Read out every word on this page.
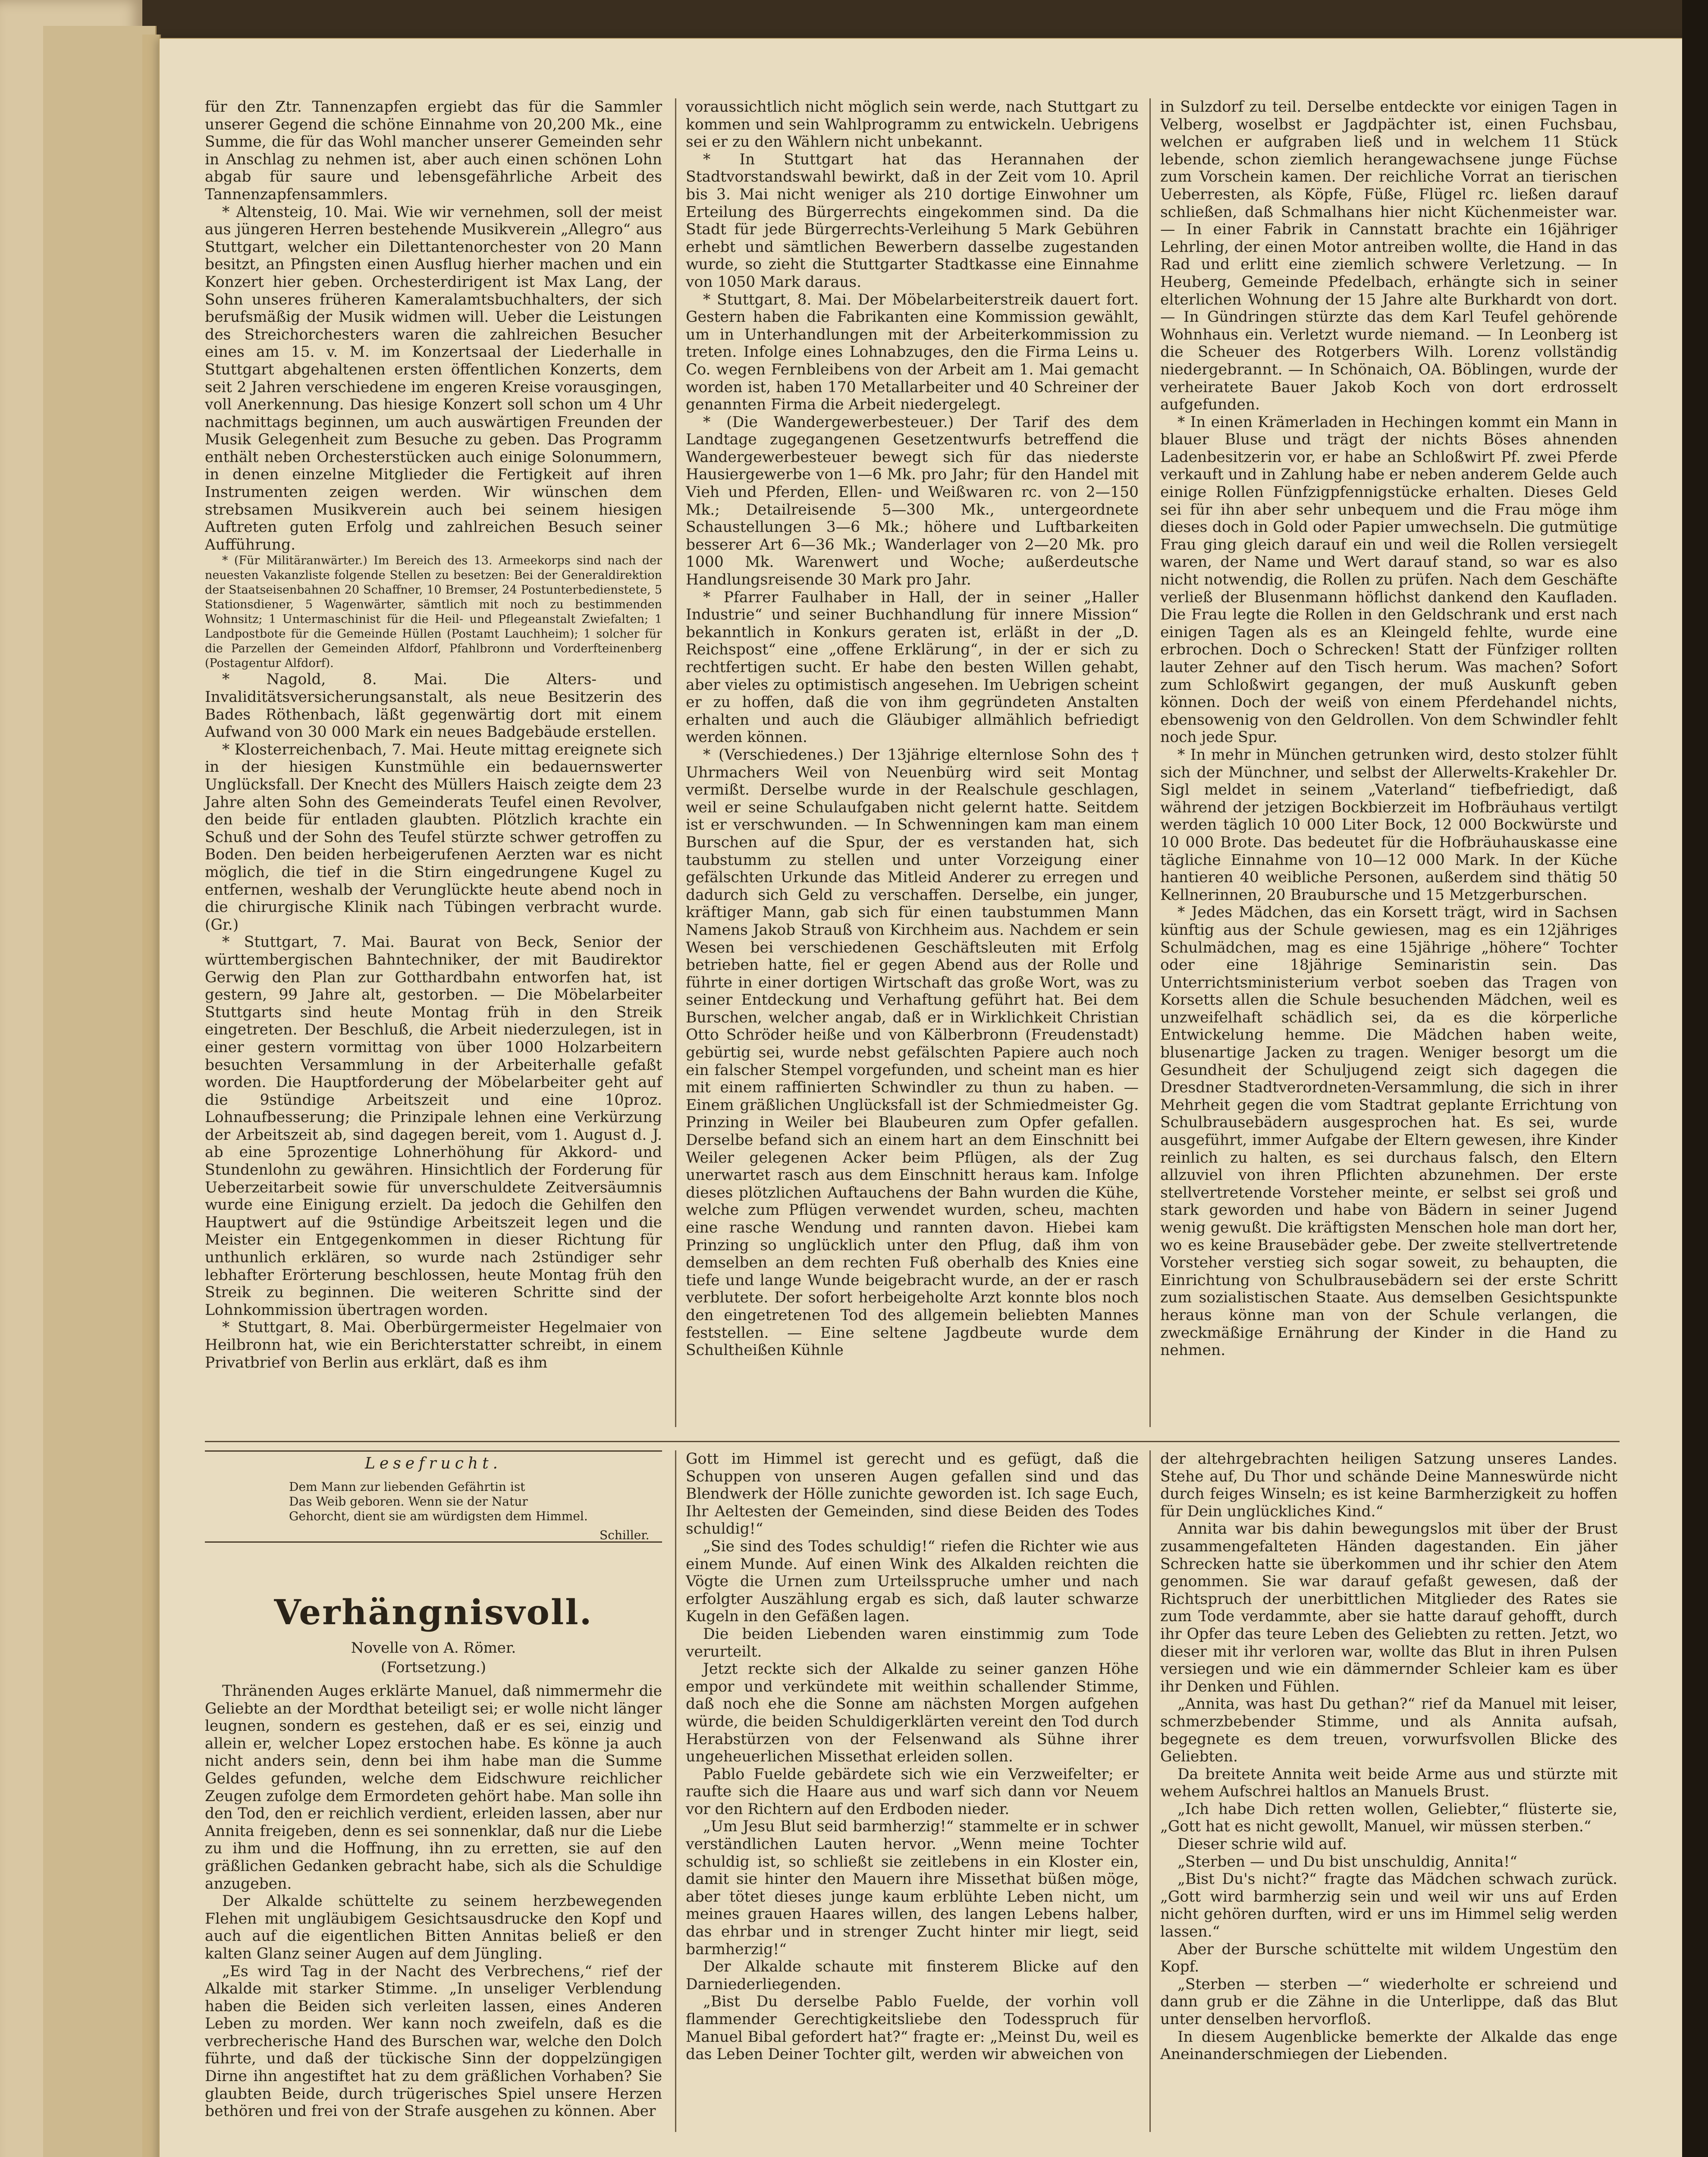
für den Ztr. Tannenzapfen ergiebt das für die Sammler unserer Gegend die schöne Einnahme von 20,200 Mk., eine Summe, die für das Wohl mancher unserer Gemeinden sehr in Anschlag zu nehmen ist, aber auch einen schönen Lohn abgab für saure und lebensgefährliche Arbeit des Tannenzapfensammlers.

* Altensteig, 10. Mai. Wie wir vernehmen, soll der meist aus jüngeren Herren bestehende Musikverein „Allegro“ aus Stuttgart, welcher ein Dilettantenorchester von 20 Mann besitzt, an Pfingsten einen Ausflug hierher machen und ein Konzert hier geben. Orchesterdirigent ist Max Lang, der Sohn unseres früheren Kameralamtsbuchhalters, der sich berufsmäßig der Musik widmen will. Ueber die Leistungen des Streichorchesters waren die zahlreichen Besucher eines am 15. v. M. im Konzertsaal der Liederhalle in Stuttgart abgehaltenen ersten öffentlichen Konzerts, dem seit 2 Jahren verschiedene im engeren Kreise vorausgingen, voll Anerkennung. Das hiesige Konzert soll schon um 4 Uhr nachmittags beginnen, um auch auswärtigen Freunden der Musik Gelegenheit zum Besuche zu geben. Das Programm enthält neben Orchesterstücken auch einige Solonummern, in denen einzelne Mitglieder die Fertigkeit auf ihren Instrumenten zeigen werden. Wir wünschen dem strebsamen Musikverein auch bei seinem hiesigen Auftreten guten Erfolg und zahlreichen Besuch seiner Aufführung.

* (Für Militäranwärter.) Im Bereich des 13. Armeekorps sind nach der neuesten Vakanzliste folgende Stellen zu besetzen: Bei der Generaldirektion der Staatseisenbahnen 20 Schaffner, 10 Bremser, 24 Postunterbedienstete, 5 Stationsdiener, 5 Wagenwärter, sämtlich mit noch zu bestimmenden Wohnsitz; 1 Untermaschinist für die Heil- und Pflegeanstalt Zwiefalten; 1 Landpostbote für die Gemeinde Hüllen (Postamt Lauchheim); 1 solcher für die Parzellen der Gemeinden Alfdorf, Pfahlbronn und Vorderfteinenberg (Postagentur Alfdorf).

* Nagold, 8. Mai. Die Alters- und Invaliditätsversicherungsanstalt, als neue Besitzerin des Bades Röthenbach, läßt gegenwärtig dort mit einem Aufwand von 30 000 Mark ein neues Badgebäude erstellen.

* Klosterreichenbach, 7. Mai. Heute mittag ereignete sich in der hiesigen Kunstmühle ein bedauernswerter Unglücksfall. Der Knecht des Müllers Haisch zeigte dem 23 Jahre alten Sohn des Gemeinderats Teufel einen Revolver, den beide für entladen glaubten. Plötzlich krachte ein Schuß und der Sohn des Teufel stürzte schwer getroffen zu Boden. Den beiden herbeigerufenen Aerzten war es nicht möglich, die tief in die Stirn eingedrungene Kugel zu entfernen, weshalb der Verunglückte heute abend noch in die chirurgische Klinik nach Tübingen verbracht wurde. (Gr.)

* Stuttgart, 7. Mai. Baurat von Beck, Senior der württembergischen Bahntechniker, der mit Baudirektor Gerwig den Plan zur Gotthardbahn entworfen hat, ist gestern, 99 Jahre alt, gestorben. — Die Möbelarbeiter Stuttgarts sind heute Montag früh in den Streik eingetreten. Der Beschluß, die Arbeit niederzulegen, ist in einer gestern vormittag von über 1000 Holzarbeitern besuchten Versammlung in der Arbeiterhalle gefaßt worden. Die Hauptforderung der Möbelarbeiter geht auf die 9stündige Arbeitszeit und eine 10proz. Lohnaufbesserung; die Prinzipale lehnen eine Verkürzung der Arbeitszeit ab, sind dagegen bereit, vom 1. August d. J. ab eine 5prozentige Lohnerhöhung für Akkord- und Stundenlohn zu gewähren. Hinsichtlich der Forderung für Ueberzeitarbeit sowie für unverschuldete Zeitversäumnis wurde eine Einigung erzielt. Da jedoch die Gehilfen den Hauptwert auf die 9stündige Arbeitszeit legen und die Meister ein Entgegenkommen in dieser Richtung für unthunlich erklären, so wurde nach 2stündiger sehr lebhafter Erörterung beschlossen, heute Montag früh den Streik zu beginnen. Die weiteren Schritte sind der Lohnkommission übertragen worden.

* Stuttgart, 8. Mai. Oberbürgermeister Hegelmaier von Heilbronn hat, wie ein Berichterstatter schreibt, in einem Privatbrief von Berlin aus erklärt, daß es ihm

voraussichtlich nicht möglich sein werde, nach Stuttgart zu kommen und sein Wahlprogramm zu entwickeln. Uebrigens sei er zu den Wählern nicht unbekannt.

* In Stuttgart hat das Herannahen der Stadtvorstandswahl bewirkt, daß in der Zeit vom 10. April bis 3. Mai nicht weniger als 210 dortige Einwohner um Erteilung des Bürgerrechts eingekommen sind. Da die Stadt für jede Bürgerrechts-Verleihung 5 Mark Gebühren erhebt und sämtlichen Bewerbern dasselbe zugestanden wurde, so zieht die Stuttgarter Stadtkasse eine Einnahme von 1050 Mark daraus.

* Stuttgart, 8. Mai. Der Möbelarbeiterstreik dauert fort. Gestern haben die Fabrikanten eine Kommission gewählt, um in Unterhandlungen mit der Arbeiterkommission zu treten. Infolge eines Lohnabzuges, den die Firma Leins u. Co. wegen Fernbleibens von der Arbeit am 1. Mai gemacht worden ist, haben 170 Metallarbeiter und 40 Schreiner der genannten Firma die Arbeit niedergelegt.

* (Die Wandergewerbesteuer.) Der Tarif des dem Landtage zugegangenen Gesetzentwurfs betreffend die Wandergewerbesteuer bewegt sich für das niederste Hausiergewerbe von 1—6 Mk. pro Jahr; für den Handel mit Vieh und Pferden, Ellen- und Weißwaren rc. von 2—150 Mk.; Detailreisende 5—300 Mk., untergeordnete Schaustellungen 3—6 Mk.; höhere und Luftbarkeiten besserer Art 6—36 Mk.; Wanderlager von 2—20 Mk. pro 1000 Mk. Warenwert und Woche; außerdeutsche Handlungsreisende 30 Mark pro Jahr.

* Pfarrer Faulhaber in Hall, der in seiner „Haller Industrie“ und seiner Buchhandlung für innere Mission“ bekanntlich in Konkurs geraten ist, erläßt in der „D. Reichspost“ eine „offene Erklärung“, in der er sich zu rechtfertigen sucht. Er habe den besten Willen gehabt, aber vieles zu optimistisch angesehen. Im Uebrigen scheint er zu hoffen, daß die von ihm gegründeten Anstalten erhalten und auch die Gläubiger allmählich befriedigt werden können.

* (Verschiedenes.) Der 13jährige elternlose Sohn des † Uhrmachers Weil von Neuenbürg wird seit Montag vermißt. Derselbe wurde in der Realschule geschlagen, weil er seine Schulaufgaben nicht gelernt hatte. Seitdem ist er verschwunden. — In Schwenningen kam man einem Burschen auf die Spur, der es verstanden hat, sich taubstumm zu stellen und unter Vorzeigung einer gefälschten Urkunde das Mitleid Anderer zu erregen und dadurch sich Geld zu verschaffen. Derselbe, ein junger, kräftiger Mann, gab sich für einen taubstummen Mann Namens Jakob Strauß von Kirchheim aus. Nachdem er sein Wesen bei verschiedenen Geschäftsleuten mit Erfolg betrieben hatte, fiel er gegen Abend aus der Rolle und führte in einer dortigen Wirtschaft das große Wort, was zu seiner Entdeckung und Verhaftung geführt hat. Bei dem Burschen, welcher angab, daß er in Wirklichkeit Christian Otto Schröder heiße und von Kälberbronn (Freudenstadt) gebürtig sei, wurde nebst gefälschten Papiere auch noch ein falscher Stempel vorgefunden, und scheint man es hier mit einem raffinierten Schwindler zu thun zu haben. — Einem gräßlichen Unglücksfall ist der Schmiedmeister Gg. Prinzing in Weiler bei Blaubeuren zum Opfer gefallen. Derselbe befand sich an einem hart an dem Einschnitt bei Weiler gelegenen Acker beim Pflügen, als der Zug unerwartet rasch aus dem Einschnitt heraus kam. Infolge dieses plötzlichen Auftauchens der Bahn wurden die Kühe, welche zum Pflügen verwendet wurden, scheu, machten eine rasche Wendung und rannten davon. Hiebei kam Prinzing so unglücklich unter den Pflug, daß ihm von demselben an dem rechten Fuß oberhalb des Knies eine tiefe und lange Wunde beigebracht wurde, an der er rasch verblutete. Der sofort herbeigeholte Arzt konnte blos noch den eingetretenen Tod des allgemein beliebten Mannes feststellen. — Eine seltene Jagdbeute wurde dem Schultheißen Kühnle

in Sulzdorf zu teil. Derselbe entdeckte vor einigen Tagen in Velberg, woselbst er Jagdpächter ist, einen Fuchsbau, welchen er aufgraben ließ und in welchem 11 Stück lebende, schon ziemlich herangewachsene junge Füchse zum Vorschein kamen. Der reichliche Vorrat an tierischen Ueberresten, als Köpfe, Füße, Flügel rc. ließen darauf schließen, daß Schmalhans hier nicht Küchenmeister war. — In einer Fabrik in Cannstatt brachte ein 16jähriger Lehrling, der einen Motor antreiben wollte, die Hand in das Rad und erlitt eine ziemlich schwere Verletzung. — In Heuberg, Gemeinde Pfedelbach, erhängte sich in seiner elterlichen Wohnung der 15 Jahre alte Burkhardt von dort. — In Gündringen stürzte das dem Karl Teufel gehörende Wohnhaus ein. Verletzt wurde niemand. — In Leonberg ist die Scheuer des Rotgerbers Wilh. Lorenz vollständig niedergebrannt. — In Schönaich, OA. Böblingen, wurde der verheiratete Bauer Jakob Koch von dort erdrosselt aufgefunden.

* In einen Krämerladen in Hechingen kommt ein Mann in blauer Bluse und trägt der nichts Böses ahnenden Ladenbesitzerin vor, er habe an Schloßwirt Pf. zwei Pferde verkauft und in Zahlung habe er neben anderem Gelde auch einige Rollen Fünfzigpfennigstücke erhalten. Dieses Geld sei für ihn aber sehr unbequem und die Frau möge ihm dieses doch in Gold oder Papier umwechseln. Die gutmütige Frau ging gleich darauf ein und weil die Rollen versiegelt waren, der Name und Wert darauf stand, so war es also nicht notwendig, die Rollen zu prüfen. Nach dem Geschäfte verließ der Blusenmann höflichst dankend den Kaufladen. Die Frau legte die Rollen in den Geldschrank und erst nach einigen Tagen als es an Kleingeld fehlte, wurde eine erbrochen. Doch o Schrecken! Statt der Fünfziger rollten lauter Zehner auf den Tisch herum. Was machen? Sofort zum Schloßwirt gegangen, der muß Auskunft geben können. Doch der weiß von einem Pferdehandel nichts, ebensowenig von den Geldrollen. Von dem Schwindler fehlt noch jede Spur.

* In mehr in München getrunken wird, desto stolzer fühlt sich der Münchner, und selbst der Allerwelts-Krakehler Dr. Sigl meldet in seinem „Vaterland“ tiefbefriedigt, daß während der jetzigen Bockbierzeit im Hofbräuhaus vertilgt werden täglich 10 000 Liter Bock, 12 000 Bockwürste und 10 000 Brote. Das bedeutet für die Hofbräuhauskasse eine tägliche Einnahme von 10—12 000 Mark. In der Küche hantieren 40 weibliche Personen, außerdem sind thätig 50 Kellnerinnen, 20 Braubursche und 15 Metzgerburschen.

* Jedes Mädchen, das ein Korsett trägt, wird in Sachsen künftig aus der Schule gewiesen, mag es ein 12jähriges Schulmädchen, mag es eine 15jährige „höhere“ Tochter oder eine 18jährige Seminaristin sein. Das Unterrichtsministerium verbot soeben das Tragen von Korsetts allen die Schule besuchenden Mädchen, weil es unzweifelhaft schädlich sei, da es die körperliche Entwickelung hemme. Die Mädchen haben weite, blusenartige Jacken zu tragen. Weniger besorgt um die Gesundheit der Schuljugend zeigt sich dagegen die Dresdner Stadtverordneten-Versammlung, die sich in ihrer Mehrheit gegen die vom Stadtrat geplante Errichtung von Schulbrausebädern ausgesprochen hat. Es sei, wurde ausgeführt, immer Aufgabe der Eltern gewesen, ihre Kinder reinlich zu halten, es sei durchaus falsch, den Eltern allzuviel von ihren Pflichten abzunehmen. Der erste stellvertretende Vorsteher meinte, er selbst sei groß und stark geworden und habe von Bädern in seiner Jugend wenig gewußt. Die kräftigsten Menschen hole man dort her, wo es keine Brausebäder gebe. Der zweite stellvertretende Vorsteher verstieg sich sogar soweit, zu behaupten, die Einrichtung von Schulbrausebädern sei der erste Schritt zum sozialistischen Staate. Aus demselben Gesichtspunkte heraus könne man von der Schule verlangen, die zweckmäßige Ernährung der Kinder in die Hand zu nehmen.

Lesefrucht.
Dem Mann zur liebenden Gefährtin ist
Das Weib geboren. Wenn sie der Natur
Gehorcht, dient sie am würdigsten dem Himmel.
Schiller.
Verhängnisvoll.
Novelle von A. Römer.
(Fortsetzung.)

Thränenden Auges erklärte Manuel, daß nimmermehr die Geliebte an der Mordthat beteiligt sei; er wolle nicht länger leugnen, sondern es gestehen, daß er es sei, einzig und allein er, welcher Lopez erstochen habe. Es könne ja auch nicht anders sein, denn bei ihm habe man die Summe Geldes gefunden, welche dem Eidschwure reichlicher Zeugen zufolge dem Ermordeten gehört habe. Man solle ihn den Tod, den er reichlich verdient, erleiden lassen, aber nur Annita freigeben, denn es sei sonnenklar, daß nur die Liebe zu ihm und die Hoffnung, ihn zu erretten, sie auf den gräßlichen Gedanken gebracht habe, sich als die Schuldige anzugeben.

Der Alkalde schüttelte zu seinem herzbewegenden Flehen mit ungläubigem Gesichtsausdrucke den Kopf und auch auf die eigentlichen Bitten Annitas beließ er den kalten Glanz seiner Augen auf dem Jüngling.

„Es wird Tag in der Nacht des Verbrechens,“ rief der Alkalde mit starker Stimme. „In unseliger Verblendung haben die Beiden sich verleiten lassen, eines Anderen Leben zu morden. Wer kann noch zweifeln, daß es die verbrecherische Hand des Burschen war, welche den Dolch führte, und daß der tückische Sinn der doppelzüngigen Dirne ihn angestiftet hat zu dem gräßlichen Vorhaben? Sie glaubten Beide, durch trügerisches Spiel unsere Herzen bethören und frei von der Strafe ausgehen zu können. Aber

Gott im Himmel ist gerecht und es gefügt, daß die Schuppen von unseren Augen gefallen sind und das Blendwerk der Hölle zunichte geworden ist. Ich sage Euch, Ihr Aeltesten der Gemeinden, sind diese Beiden des Todes schuldig!“

„Sie sind des Todes schuldig!“ riefen die Richter wie aus einem Munde. Auf einen Wink des Alkalden reichten die Vögte die Urnen zum Urteilsspruche umher und nach erfolgter Auszählung ergab es sich, daß lauter schwarze Kugeln in den Gefäßen lagen.

Die beiden Liebenden waren einstimmig zum Tode verurteilt.

Jetzt reckte sich der Alkalde zu seiner ganzen Höhe empor und verkündete mit weithin schallender Stimme, daß noch ehe die Sonne am nächsten Morgen aufgehen würde, die beiden Schuldigerklärten vereint den Tod durch Herabstürzen von der Felsenwand als Sühne ihrer ungeheuerlichen Missethat erleiden sollen.

Pablo Fuelde gebärdete sich wie ein Verzweifelter; er raufte sich die Haare aus und warf sich dann vor Neuem vor den Richtern auf den Erdboden nieder.

„Um Jesu Blut seid barmherzig!“ stammelte er in schwer verständlichen Lauten hervor. „Wenn meine Tochter schuldig ist, so schließt sie zeitlebens in ein Kloster ein, damit sie hinter den Mauern ihre Missethat büßen möge, aber tötet dieses junge kaum erblühte Leben nicht, um meines grauen Haares willen, des langen Lebens halber, das ehrbar und in strenger Zucht hinter mir liegt, seid barmherzig!“

Der Alkalde schaute mit finsterem Blicke auf den Darniederliegenden.

„Bist Du derselbe Pablo Fuelde, der vorhin voll flammender Gerechtigkeitsliebe den Todesspruch für Manuel Bibal gefordert hat?“ fragte er: „Meinst Du, weil es das Leben Deiner Tochter gilt, werden wir abweichen von

der altehrgebrachten heiligen Satzung unseres Landes. Stehe auf, Du Thor und schände Deine Manneswürde nicht durch feiges Winseln; es ist keine Barmherzigkeit zu hoffen für Dein unglückliches Kind.“

Annita war bis dahin bewegungslos mit über der Brust zusammengefalteten Händen dagestanden. Ein jäher Schrecken hatte sie überkommen und ihr schier den Atem genommen. Sie war darauf gefaßt gewesen, daß der Richtspruch der unerbittlichen Mitglieder des Rates sie zum Tode verdammte, aber sie hatte darauf gehofft, durch ihr Opfer das teure Leben des Geliebten zu retten. Jetzt, wo dieser mit ihr verloren war, wollte das Blut in ihren Pulsen versiegen und wie ein dämmernder Schleier kam es über ihr Denken und Fühlen.

„Annita, was hast Du gethan?“ rief da Manuel mit leiser, schmerzbebender Stimme, und als Annita aufsah, begegnete es dem treuen, vorwurfsvollen Blicke des Geliebten.

Da breitete Annita weit beide Arme aus und stürzte mit wehem Aufschrei haltlos an Manuels Brust.

„Ich habe Dich retten wollen, Geliebter,“ flüsterte sie, „Gott hat es nicht gewollt, Manuel, wir müssen sterben.“

Dieser schrie wild auf.

„Sterben — und Du bist unschuldig, Annita!“

„Bist Du's nicht?“ fragte das Mädchen schwach zurück. „Gott wird barmherzig sein und weil wir uns auf Erden nicht gehören durften, wird er uns im Himmel selig werden lassen.“

Aber der Bursche schüttelte mit wildem Ungestüm den Kopf.

„Sterben — sterben —“ wiederholte er schreiend und dann grub er die Zähne in die Unterlippe, daß das Blut unter denselben hervorfloß.

In diesem Augenblicke bemerkte der Alkalde das enge Aneinanderschmiegen der Liebenden.
